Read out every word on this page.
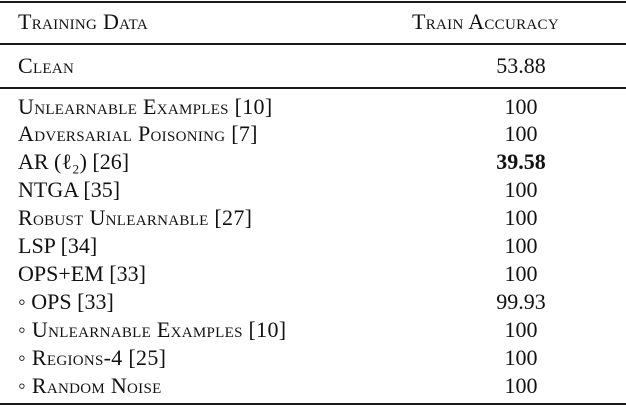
Training Data	Train Accuracy
Clean	53.88
Unlearnable Examples [10]	100
Adversarial Poisoning [7]	100
AR (ℓ₂) [26]	39.58
NTGA [35]	100
Robust Unlearnable [27]	100
LSP [34]	100
OPS+EM [33]	100
◦ OPS [33]	99.93
◦ Unlearnable Examples [10]	100
◦ Regions-4 [25]	100
◦ Random Noise	100
